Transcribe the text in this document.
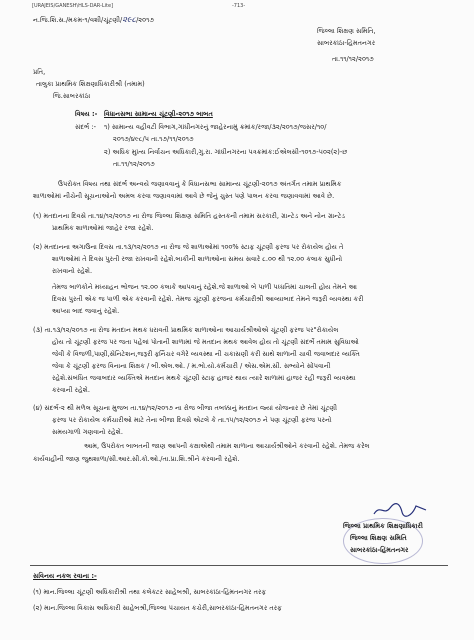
[URAJEIS/GANESH\HLS-DAR-Lite]	-713-
ન.જિ.શિ.સ./મકમ-૧/વશી/ચૂંટણી/૨૯૮/૨૦૧૭
જિલ્લા શિક્ષણ સમિતિ,
સાબરકાંઠા-હિંમતનગર
તા.૧૧/૧૨/૨૦૧૭
પ્રતિ,
તાલુકા પ્રાથમિક શિક્ષણાધિકારીશ્રી (તમામ)
જિ.સાબરકાંઠા
વિષય :- વિધાનસભા સામાન્ય ચૂંટણી-૨૦૧૭ બાબત
સંદર્ભ :- ૧) સામાન્ય વહીવટી વિભાગ,ગાંધીનગરનું જાહેરનામું ક્રમાંક/રજા/૩૨/૨૦૧૭/જસર/૧૦/
૨૦૧૭/૪૯૮/પ તા.૧૭/૧૧/૨૦૧૭
૨) અધિક મુખ્ય નિર્વાચન અધિકારી,ગુ.રા. ગાંધીનગરના પત્રક્રમાંક:ઈએલસી-૧૦૧૭-૫૦૨(૨)-છ
તા.૧૧/૧૨/૨૦૧૭
ઉપરોક્ત વિષય તથા સંદર્ભ અન્વયે જણાવવાનું કે વિધાનસભા સામાન્ય ચૂંટણી-૨૦૧૭ અંતર્ગત તમામ પ્રાથમિક
શાળાઓમાં નીચેની સૂચનાઓનો અમલ કરવા જણાવવામાં આવે છે જેનું ચુસ્ત પણે પાલન કરવા જણાવવામાં આવે છે.
(૧) મતદાનના દિવસે તા.૧૪/૧૨/૨૦૧૭ ના રોજ જિલ્લા શિક્ષણ સમિતિ હસ્તકની તમામ સરકારી, ગ્રાન્ટેડ અને નોન ગ્રાન્ટેડ
પ્રાથમિક શાળાઓમાં જાહેર રજા રહેશે.
(૨) મતદાનના અગાઉના દિવસ તા.૧૩/૧૨/૨૦૧૭ ના રોજ જે શાળાઓમાં ૧૦૦% સ્ટાફ ચૂંટણી ફરજ પર રોકાયેલ હોય તે
શાળાઓમાં તે દિવસ પુરતી રજા રાખવાની રહેશે.બાકીની શાળાઓના સમય સવારે ૮.૦૦ થી ૧૨.૦૦ કલાક સુધીનો
રાખવાનો રહેશે.
તેમજ બાળકોને મધ્યાહન ભોજન ૧૨.૦૦ કલાકે આપવાનું રહેશે.જે શાળાઓ બે પાળી પધ્ધતિમાં ચાલતી હોય તેમને આ
દિવસ પુરતી એક જ પાળી એક કરવાની રહેશે. તેમજ ચૂંટણી ફરજના કર્મચારીશ્રી આવ્યાબાદ તેમને જરૂરી વ્યવસ્થા કરી
આપ્યા બાદ જવાનું રહેશે.
(૩) તા.૧૩/૧૨/૨૦૧૭ ના રોજ મતદાન મથક ધરાવતી પ્રાથમિક શાળાઓના આચાર્યશ્રીઓએ ચૂંટણી ફરજ પર"રોકાયેલ
હોય તો ચૂંટણી ફરજ પર જતા પહેલાં પોતાની શાળામાં જે મતદાન મથક આવેલ હોય તો ચૂંટણી સંદર્ભે તમામ સુવિધાઓ
જેવી કે વિજળી,પાણી,સેનિટેશન,જરૂરી ફર્નિચર વગેરે વ્યવસ્થા ની ચકાસણી કરી સાથે શાળાની ચાવી જવાબદાર વ્યક્તિ
જેવા કે ચૂંટણી ફરજ વિનાના શિક્ષક / બી.એલ.ઓ. / મ.ભો.યો.કર્મચારી / એસ.એમ.સી. સભ્યોને સોંપવાની
રહેશે.સંબંધિત જવાબદાર વ્યક્તિએ મતદાન મથકે ચૂંટણી સ્ટાફ હાજર થાય ત્યારે શાળામાં હાજર રહી જરૂરી વ્યવસ્થા
કરવાની રહેશે.
(૪) સંદર્ભ-૨ થી મળેલ સૂચના મુજબ તા.૧૪/૧૨/૨૦૧૭ ના રોજ બીજા તબક્કાનું મતદાન જ્યાં યોજનાર છે તેમાં ચૂંટણી
ફરજ પર રોકાયેલ કર્મચારીઓ માટે તેના બીજા દિવસે એટલે કે તા.૧૫/૧૨/૨૦૧૭ ને પણ ચૂંટણી ફરજ પરનો
સમયગાળો ગણવાનો રહેશે.
આમ, ઉપરોક્ત બાબતની જાણ આપની કક્ષાએથી તમામ શાળાના આચાર્યશ્રીઓને કરવાની રહેશે. તેમજ કરેલ
કાર્યવાહીની જાણ જુથશાળા/સી.આર.સી.કો.ઓ./તા.પ્રા.શિ.શ્રીને કરવાની રહેશે.
જિલ્લા પ્રાથમિક શિક્ષણાધિકારી
જિલ્લા શિક્ષણ સમિતિ
સાબરકાંઠા-હિંમતનગર
સવિનય નકલ રવાના :-
(૧) માન.જિલ્લા ચૂંટણી અધિકારીશ્રી તથા કલેક્ટર સાહેબશ્રી, સાબરકાંઠા-હિંમતનગર તરફ
(૨) માન.જિલ્લા વિકાસ અધિકારી સાહેબશ્રી,જિલ્લા પંચાયત કચેરી,સાબરકાંઠા-હિંમતનગર તરફ
